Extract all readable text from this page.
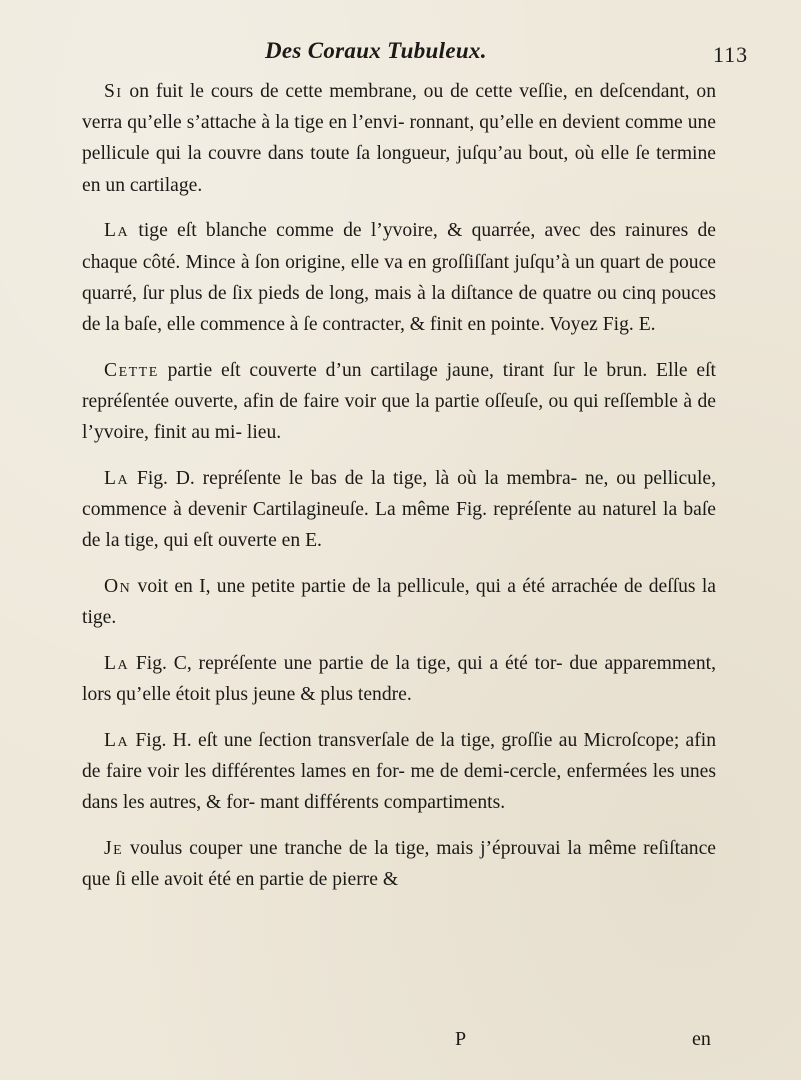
Des Coraux Tubuleux.	113

Si on fuit le cours de cette membrane, ou de cette veſſie, en deſcendant, on verra qu’elle s’attache à la tige en l’envi- ronnant, qu’elle en devient comme une pellicule qui la couvre dans toute ſa longueur, juſqu’au bout, où elle ſe termine en un cartilage.

La tige eſt blanche comme de l’yvoire, & quarrée, avec des rainures de chaque côté. Mince à ſon origine, elle va en groſſiſſant juſqu’à un quart de pouce quarré, ſur plus de ſix pieds de long, mais à la diſtance de quatre ou cinq pouces de la baſe, elle commence à ſe contracter, & finit en pointe. Voyez Fig. E.

Cette partie eſt couverte d’un cartilage jaune, tirant ſur le brun. Elle eſt repréſentée ouverte, afin de faire voir que la partie oſſeuſe, ou qui reſſemble à de l’yvoire, finit au mi- lieu.

La Fig. D. repréſente le bas de la tige, là où la membra- ne, ou pellicule, commence à devenir Cartilagineuſe. La même Fig. repréſente au naturel la baſe de la tige, qui eſt ouverte en E.

On voit en I, une petite partie de la pellicule, qui a été arrachée de deſſus la tige.

La Fig. C, repréſente une partie de la tige, qui a été tor- due apparemment, lors qu’elle étoit plus jeune & plus tendre.

La Fig. H. eſt une ſection transverſale de la tige, groſſie au Microſcope; afin de faire voir les différentes lames en for- me de demi-cercle, enfermées les unes dans les autres, & for- mant différents compartiments.

Je voulus couper une tranche de la tige, mais j’éprouvai la même reſiſtance que ſi elle avoit été en partie de pierre &

P	en
